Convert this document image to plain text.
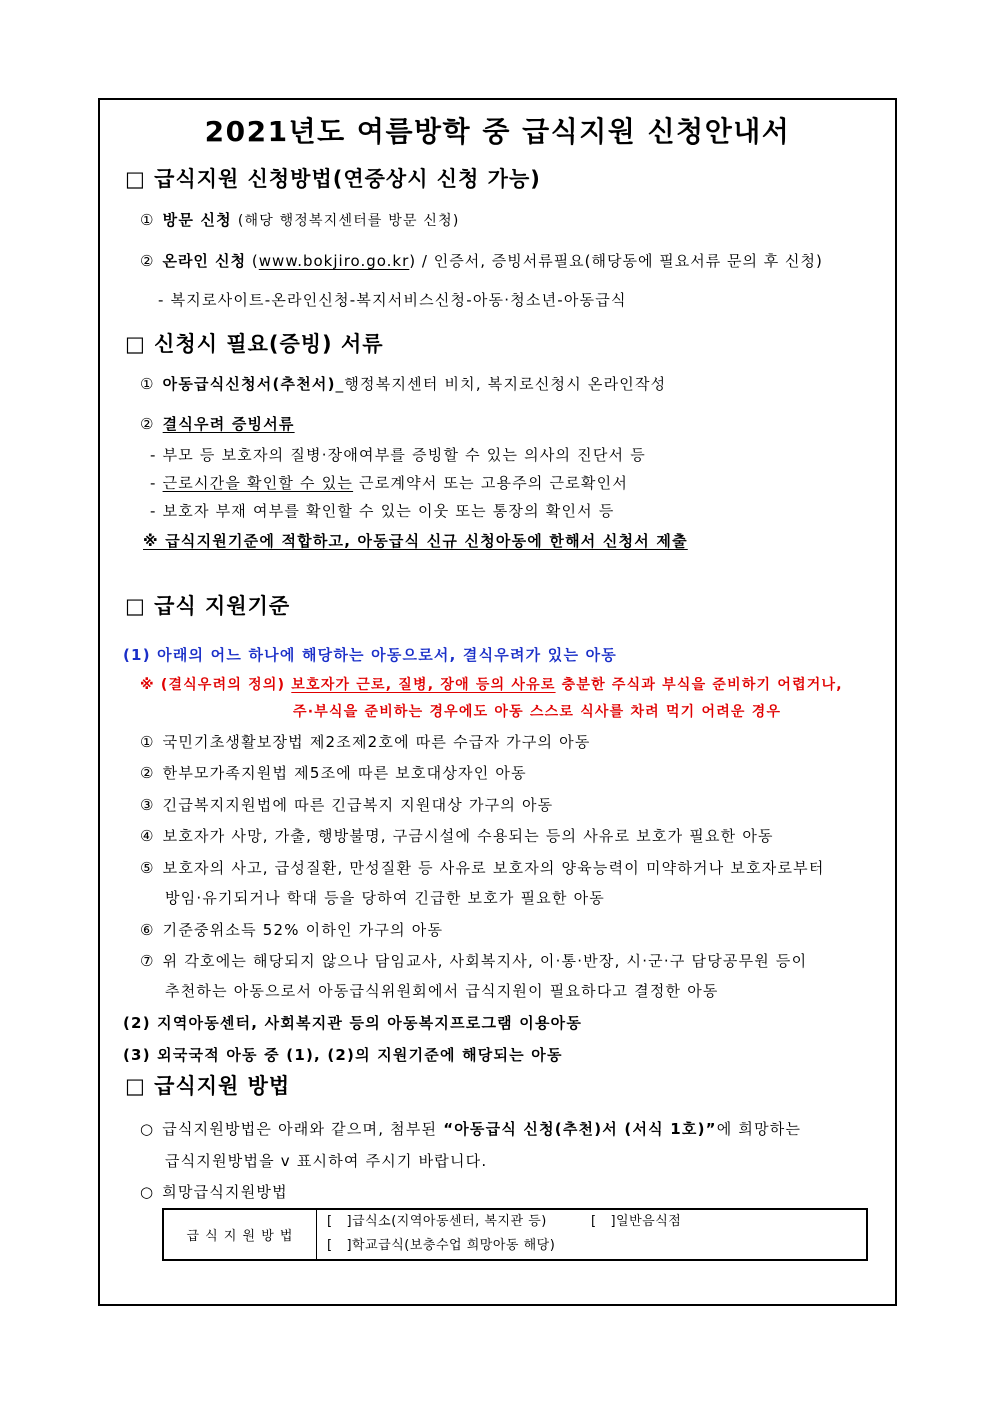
2021년도 여름방학 중 급식지원 신청안내서
□ 급식지원 신청방법(연중상시 신청 가능)
① 방문 신청 (해당 행정복지센터를 방문 신청)
② 온라인 신청 (www.bokjiro.go.kr) / 인증서, 증빙서류필요(해당동에 필요서류 문의 후 신청)
- 복지로사이트-온라인신청-복지서비스신청-아동·청소년-아동급식
□ 신청시 필요(증빙) 서류
① 아동급식신청서(추천서)_행정복지센터 비치, 복지로신청시 온라인작성
② 결식우려 증빙서류
- 부모 등 보호자의 질병·장애여부를 증빙할 수 있는 의사의 진단서 등
- 근로시간을 확인할 수 있는 근로계약서 또는 고용주의 근로확인서
- 보호자 부재 여부를 확인할 수 있는 이웃 또는 통장의 확인서 등
※ 급식지원기준에 적합하고, 아동급식 신규 신청아동에 한해서 신청서 제출
□ 급식 지원기준
(1) 아래의 어느 하나에 해당하는 아동으로서, 결식우려가 있는 아동
※ (결식우려의 정의) 보호자가 근로, 질병, 장애 등의 사유로 충분한 주식과 부식을 준비하기 어렵거나,
주·부식을 준비하는 경우에도 아동 스스로 식사를 차려 먹기 어려운 경우
① 국민기초생활보장법 제2조제2호에 따른 수급자 가구의 아동
② 한부모가족지원법 제5조에 따른 보호대상자인 아동
③ 긴급복지지원법에 따른 긴급복지 지원대상 가구의 아동
④ 보호자가 사망, 가출, 행방불명, 구금시설에 수용되는 등의 사유로 보호가 필요한 아동
⑤ 보호자의 사고, 급성질환, 만성질환 등 사유로 보호자의 양육능력이 미약하거나 보호자로부터
방임·유기되거나 학대 등을 당하여 긴급한 보호가 필요한 아동
⑥ 기준중위소득 52% 이하인 가구의 아동
⑦ 위 각호에는 해당되지 않으나 담임교사, 사회복지사, 이·통·반장, 시·군·구 담당공무원 등이
추천하는 아동으로서 아동급식위원회에서 급식지원이 필요하다고 결정한 아동
(2) 지역아동센터, 사회복지관 등의 아동복지프로그램 이용아동
(3) 외국국적 아동 중 (1), (2)의 지원기준에 해당되는 아동
□ 급식지원 방법
○ 급식지원방법은 아래와 같으며, 첨부된 “아동급식 신청(추천)서 (서식 1호)”에 희망하는
급식지원방법을 v 표시하여 주시기 바랍니다.
○ 희망급식지원방법
급 식 지 원 방 법
[   ]급식소(지역아동센터, 복지관 등)	[   ]일반음식점
[   ]학교급식(보충수업 희망아동 해당)
